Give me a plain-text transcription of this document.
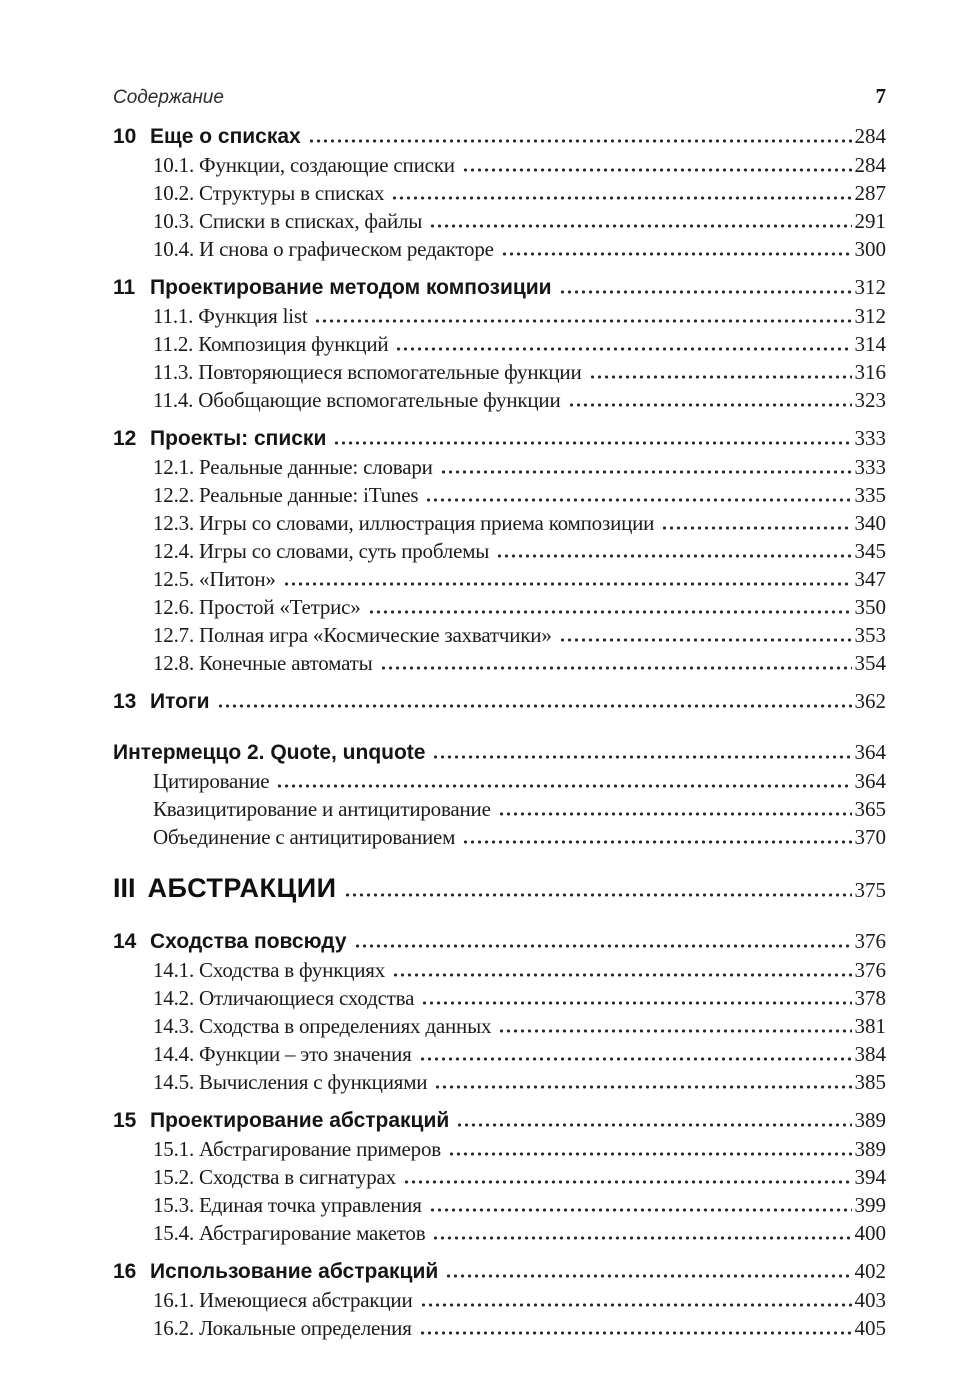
Содержание	7
10 Еще о списках	284
10.1. Функции, создающие списки	284
10.2. Структуры в списках	287
10.3. Списки в списках, файлы	291
10.4. И снова о графическом редакторе	300
11 Проектирование методом композиции	312
11.1. Функция list	312
11.2. Композиция функций	314
11.3. Повторяющиеся вспомогательные функции	316
11.4. Обобщающие вспомогательные функции	323
12 Проекты: списки	333
12.1. Реальные данные: словари	333
12.2. Реальные данные: iTunes	335
12.3. Игры со словами, иллюстрация приема композиции	340
12.4. Игры со словами, суть проблемы	345
12.5. «Питон»	347
12.6. Простой «Тетрис»	350
12.7. Полная игра «Космические захватчики»	353
12.8. Конечные автоматы	354
13 Итоги	362
Интермеццо 2. Quote, unquote	364
Цитирование	364
Квазицитирование и антицитирование	365
Объединение с антицитированием	370
III АБСТРАКЦИИ	375
14 Сходства повсюду	376
14.1. Сходства в функциях	376
14.2. Отличающиеся сходства	378
14.3. Сходства в определениях данных	381
14.4. Функции – это значения	384
14.5. Вычисления с функциями	385
15 Проектирование абстракций	389
15.1. Абстрагирование примеров	389
15.2. Сходства в сигнатурах	394
15.3. Единая точка управления	399
15.4. Абстрагирование макетов	400
16 Использование абстракций	402
16.1. Имеющиеся абстракции	403
16.2. Локальные определения	405
